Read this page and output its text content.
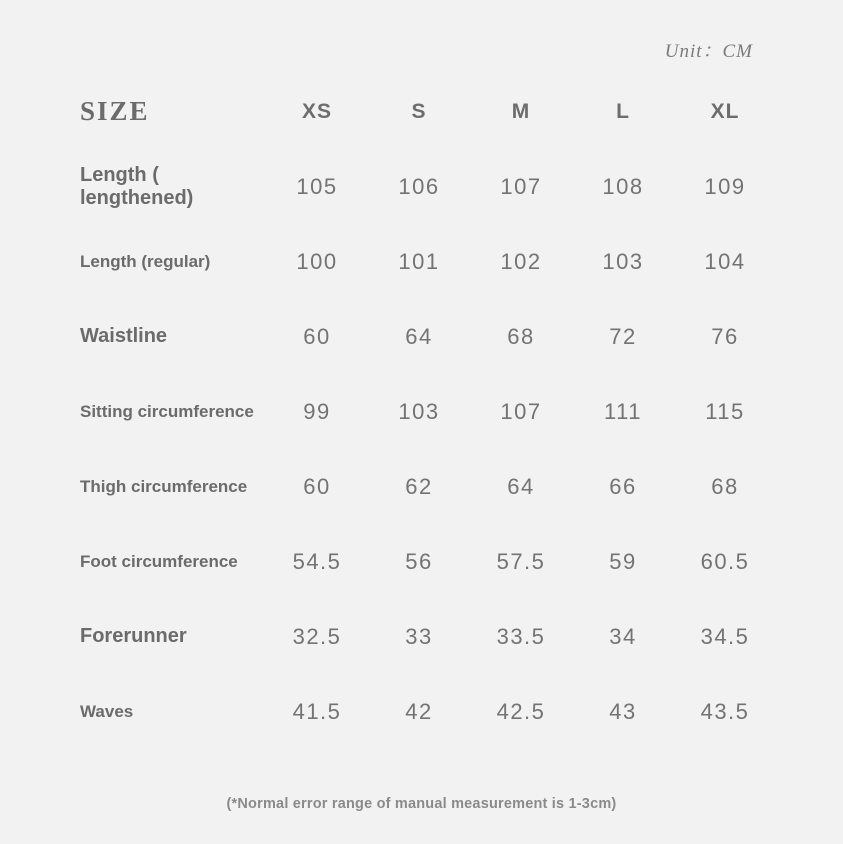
Unit：CM
SIZE	XS	S	M	L	XL
Length ( lengthened)	105	106	107	108	109
Length (regular)	100	101	102	103	104
Waistline	60	64	68	72	76
Sitting circumference	99	103	107	111	115
Thigh circumference	60	62	64	66	68
Foot circumference	54.5	56	57.5	59	60.5
Forerunner	32.5	33	33.5	34	34.5
Waves	41.5	42	42.5	43	43.5
(*Normal error range of manual measurement is 1-3cm)
